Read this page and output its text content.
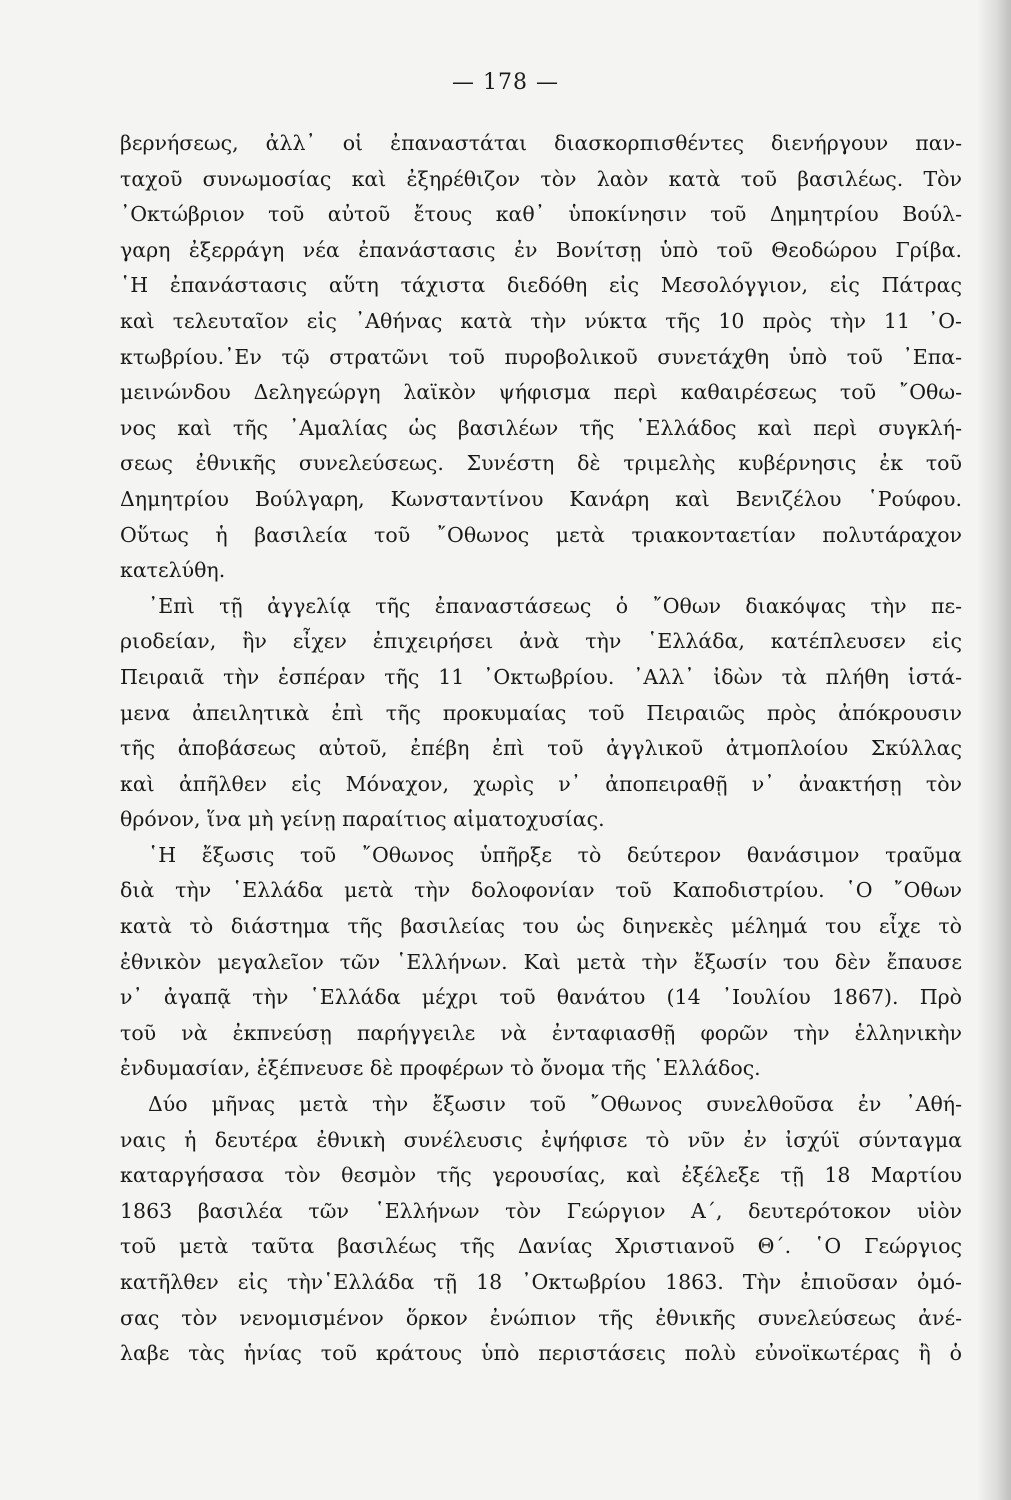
— 178 —
βερνήσεως, ἀλλ᾽ οἱ ἐπαναστάται διασκορπισθέντες διενήργουν παν-
ταχοῦ συνωμοσίας καὶ ἐξηρέθιζον τὸν λαὸν κατὰ τοῦ βασιλέως. Τὸν
᾽Οκτώβριον τοῦ αὐτοῦ ἔτους καθ᾽ ὑποκίνησιν τοῦ Δημητρίου Βούλ-
γαρη ἐξερράγη νέα ἐπανάστασις ἐν Βονίτσῃ ὑπὸ τοῦ Θεοδώρου Γρίβα.
῾Η ἐπανάστασις αὕτη τάχιστα διεδόθη εἰς Μεσολόγγιον, εἰς Πάτρας
καὶ τελευταῖον εἰς ᾽Αθήνας κατὰ τὴν νύκτα τῆς 10 πρὸς τὴν 11 ᾽Ο-
κτωβρίου.᾽Εν τῷ στρατῶνι τοῦ πυροβολικοῦ συνετάχθη ὑπὸ τοῦ ᾽Επα-
μεινώνδου Δεληγεώργη λαϊκὸν ψήφισμα περὶ καθαιρέσεως τοῦ ῎Οθω-
νος καὶ τῆς ᾽Αμαλίας ὡς βασιλέων τῆς ῾Ελλάδος καὶ περὶ συγκλή-
σεως ἐθνικῆς συνελεύσεως. Συνέστη δὲ τριμελὴς κυβέρνησις ἐκ τοῦ
Δημητρίου Βούλγαρη, Κωνσταντίνου Κανάρη καὶ Βενιζέλου ῾Ρούφου.
Οὕτως ἡ βασιλεία τοῦ ῎Οθωνος μετὰ τριακονταετίαν πολυτάραχον
κατελύθη.
᾽Επὶ τῇ ἀγγελίᾳ τῆς ἐπαναστάσεως ὁ ῎Οθων διακόψας τὴν πε-
ριοδείαν, ἣν εἶχεν ἐπιχειρήσει ἀνὰ τὴν ῾Ελλάδα, κατέπλευσεν εἰς
Πειραιᾶ τὴν ἑσπέραν τῆς 11 ᾽Οκτωβρίου. ᾽Αλλ᾽ ἰδὼν τὰ πλήθη ἱστά-
μενα ἀπειλητικὰ ἐπὶ τῆς προκυμαίας τοῦ Πειραιῶς πρὸς ἀπόκρουσιν
τῆς ἀποβάσεως αὐτοῦ, ἐπέβη ἐπὶ τοῦ ἀγγλικοῦ ἀτμοπλοίου Σκύλλας
καὶ ἀπῆλθεν εἰς Μόναχον, χωρὶς ν᾽ ἀποπειραθῇ ν᾽ ἀνακτήσῃ τὸν
θρόνον, ἵνα μὴ γείνῃ παραίτιος αἱματοχυσίας.
῾Η ἔξωσις τοῦ ῎Οθωνος ὑπῆρξε τὸ δεύτερον θανάσιμον τραῦμα
διὰ τὴν ῾Ελλάδα μετὰ τὴν δολοφονίαν τοῦ Καποδιστρίου. ῾Ο ῎Οθων
κατὰ τὸ διάστημα τῆς βασιλείας του ὡς διηνεκὲς μέλημά του εἶχε τὸ
ἐθνικὸν μεγαλεῖον τῶν ῾Ελλήνων. Καὶ μετὰ τὴν ἔξωσίν του δὲν ἔπαυσε
ν᾽ ἀγαπᾷ τὴν ῾Ελλάδα μέχρι τοῦ θανάτου (14 ᾽Ιουλίου 1867). Πρὸ
τοῦ νὰ ἐκπνεύσῃ παρήγγειλε νὰ ἐνταφιασθῇ φορῶν τὴν ἑλληνικὴν
ἐνδυμασίαν, ἐξέπνευσε δὲ προφέρων τὸ ὄνομα τῆς ῾Ελλάδος.
Δύο μῆνας μετὰ τὴν ἔξωσιν τοῦ ῎Οθωνος συνελθοῦσα ἐν ᾽Αθή-
ναις ἡ δευτέρα ἐθνικὴ συνέλευσις ἐψήφισε τὸ νῦν ἐν ἰσχύϊ σύνταγμα
καταργήσασα τὸν θεσμὸν τῆς γερουσίας, καὶ ἐξέλεξε τῇ 18 Μαρτίου
1863 βασιλέα τῶν ῾Ελλήνων τὸν Γεώργιον Α´, δευτερότοκον υἱὸν
τοῦ μετὰ ταῦτα βασιλέως τῆς Δανίας Χριστιανοῦ Θ´. ῾Ο Γεώργιος
κατῆλθεν εἰς τὴν῾Ελλάδα τῇ 18 ᾽Οκτωβρίου 1863. Τὴν ἐπιοῦσαν ὀμό-
σας τὸν νενομισμένον ὅρκον ἐνώπιον τῆς ἐθνικῆς συνελεύσεως ἀνέ-
λαβε τὰς ἡνίας τοῦ κράτους ὑπὸ περιστάσεις πολὺ εὐνοϊκωτέρας ἢ ὁ
